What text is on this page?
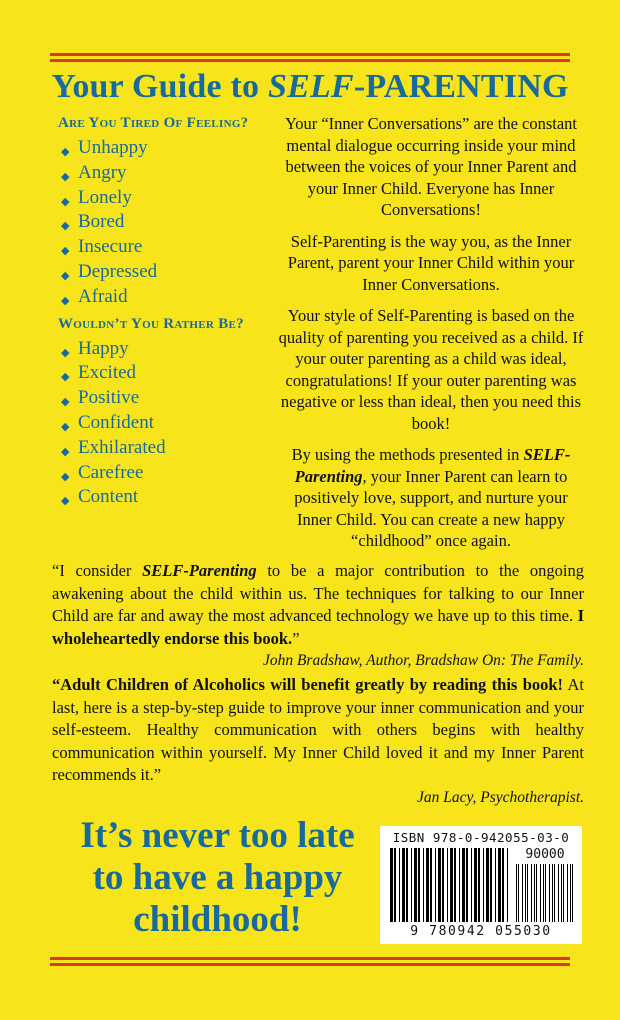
Your Guide to SELF-PARENTING

Are You Tired Of Feeling?

◆ Unhappy
◆ Angry
◆ Lonely
◆ Bored
◆ Insecure
◆ Depressed
◆ Afraid

Wouldn’t You Rather Be?

◆ Happy
◆ Excited
◆ Positive
◆ Confident
◆ Exhilarated
◆ Carefree
◆ Content

Your “Inner Conversations” are the constant mental dialogue occurring inside your mind between the voices of your Inner Parent and your Inner Child. Everyone has Inner Conversations!

Self-Parenting is the way you, as the Inner Parent, parent your Inner Child within your Inner Conversations.

Your style of Self-Parenting is based on the quality of parenting you received as a child. If your outer parenting as a child was ideal, congratulations! If your outer parenting was negative or less than ideal, then you need this book!

By using the methods presented in SELF-Parenting, your Inner Parent can learn to positively love, support, and nurture your Inner Child. You can create a new happy “childhood” once again.

“I consider SELF-Parenting to be a major contribution to the ongoing awakening about the child within us. The techniques for talking to our Inner Child are far and away the most advanced technology we have up to this time. I wholeheartedly endorse this book.”

John Bradshaw, Author, Bradshaw On: The Family.

“Adult Children of Alcoholics will benefit greatly by reading this book! At last, here is a step-by-step guide to improve your inner communication and your self-esteem. Healthy communication with others begins with healthy communication within yourself. My Inner Child loved it and my Inner Parent recommends it.”

Jan Lacy, Psychotherapist.
It’s never too late
to have a happy
childhood!
ISBN 978-0-942055-03-0
90000
9 780942 055030
